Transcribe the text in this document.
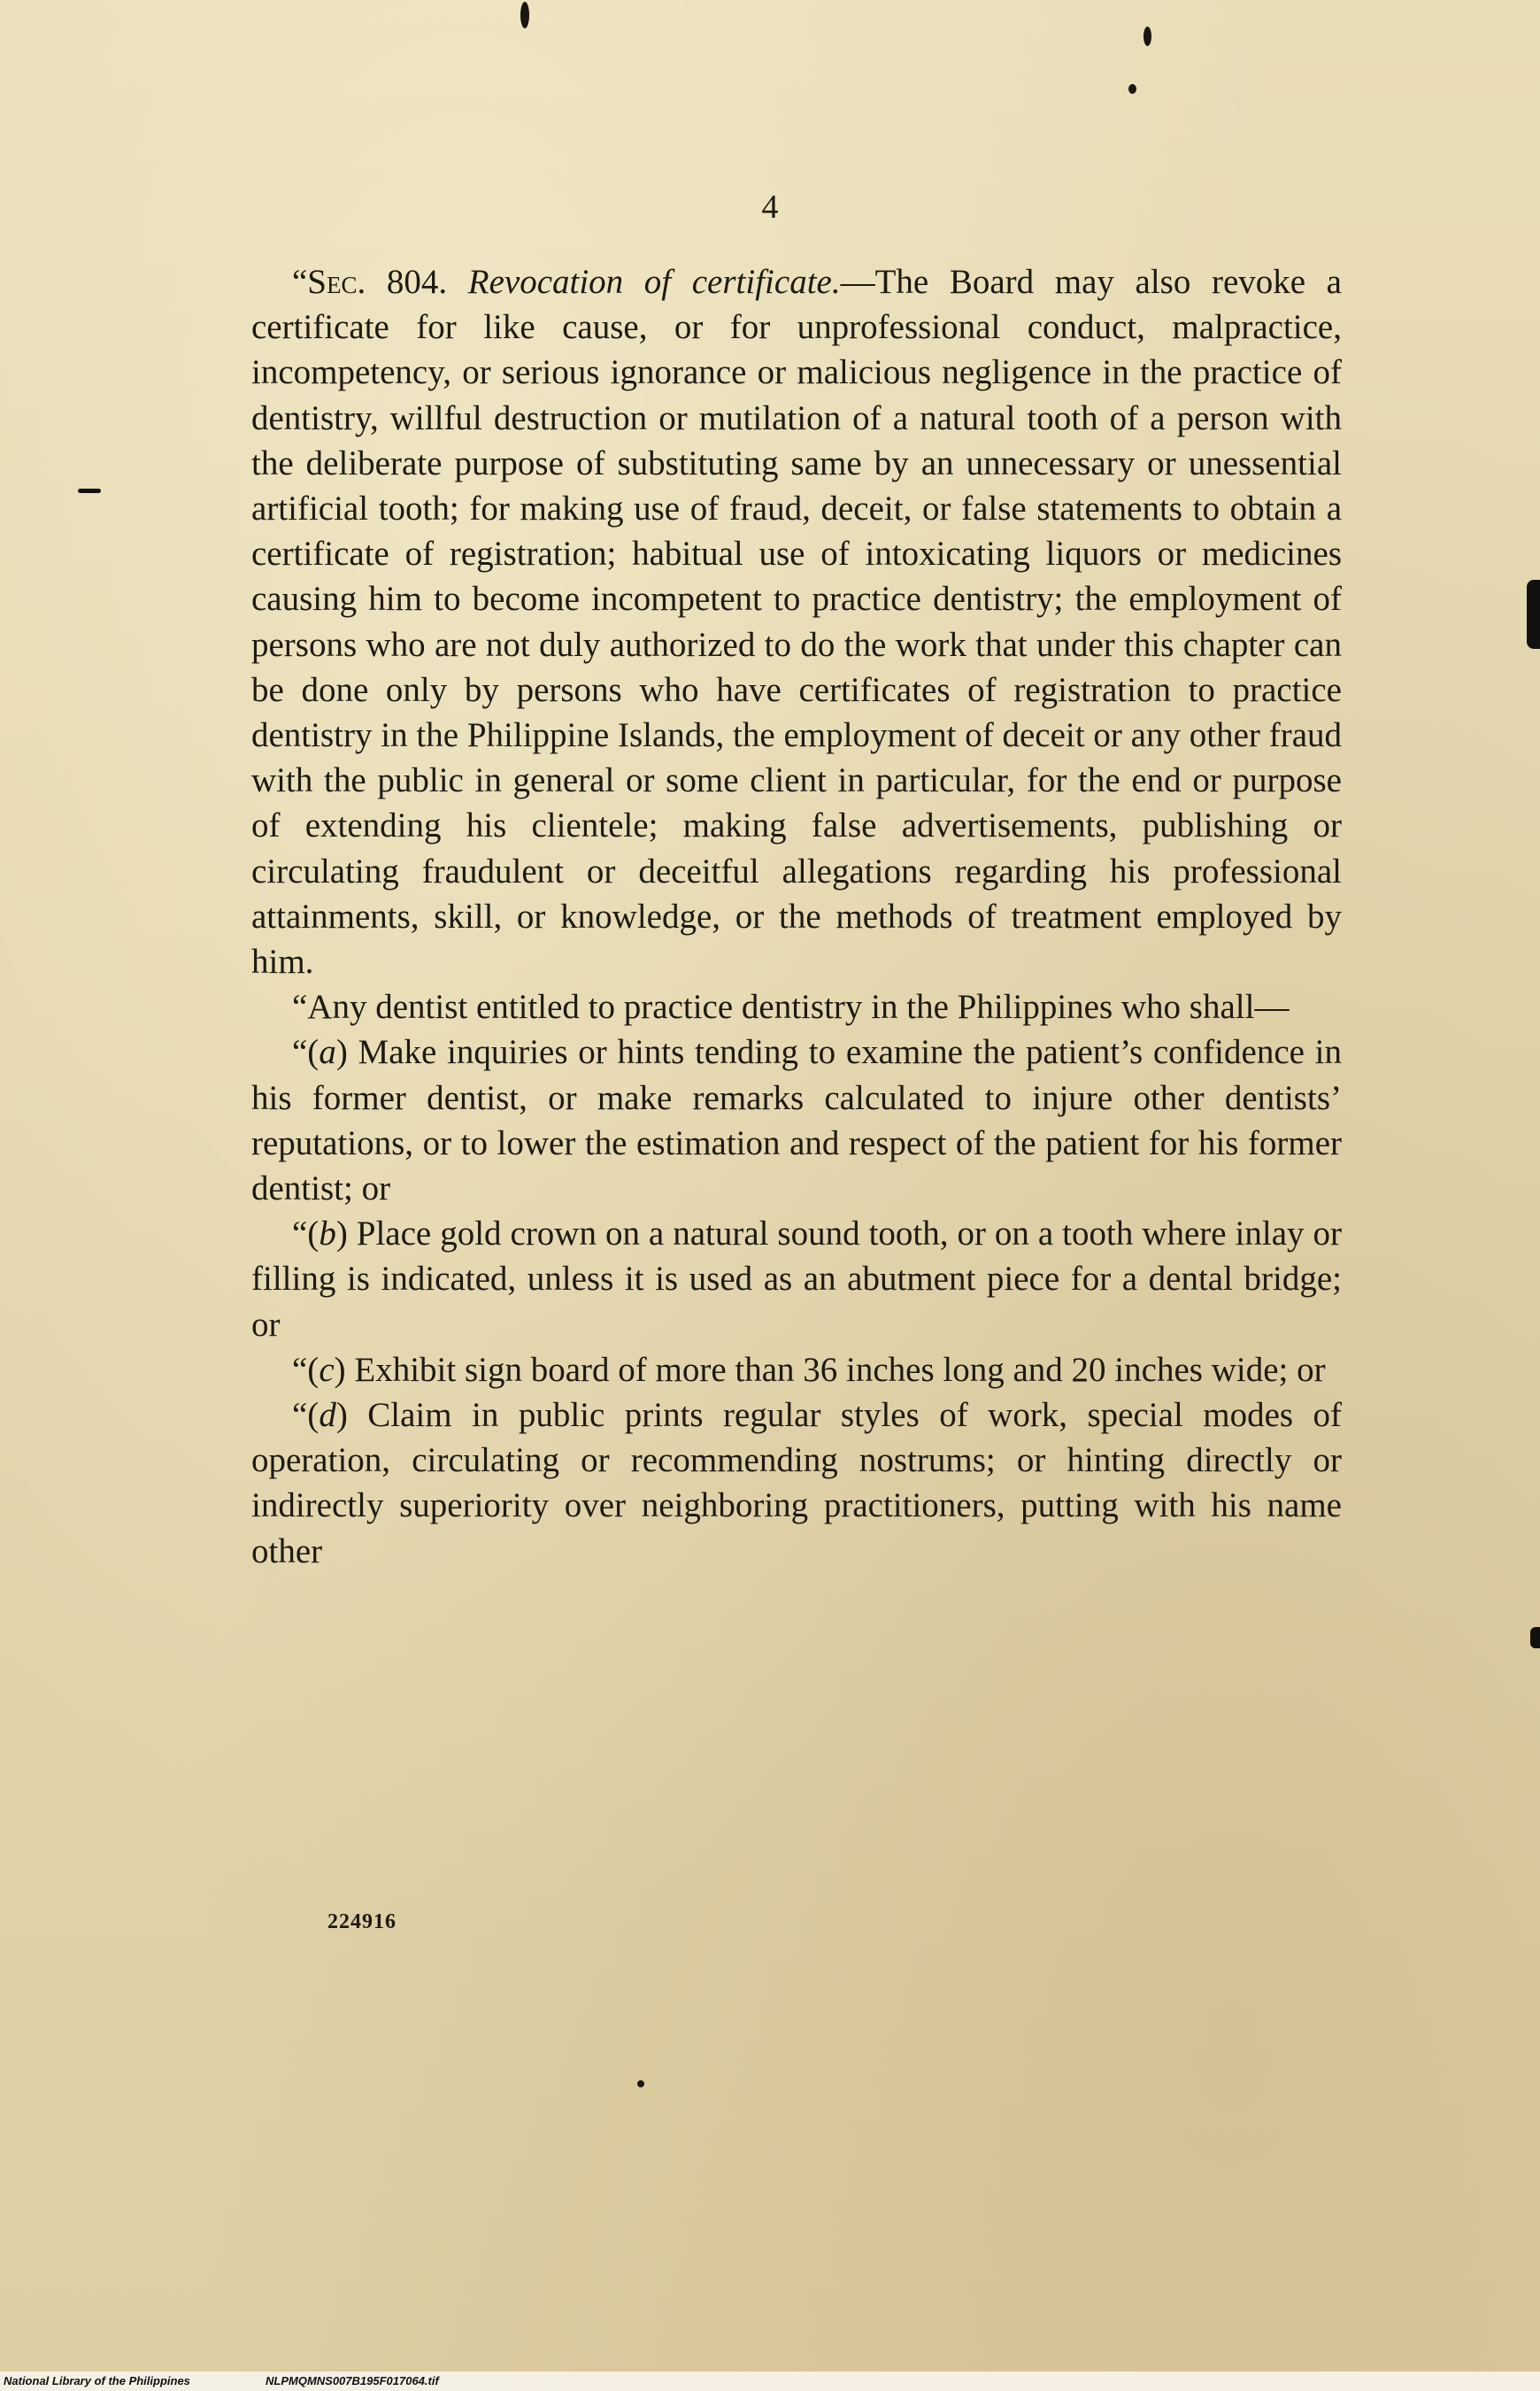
4

“Sec. 804. Revocation of certificate.—The Board may also revoke a certificate for like cause, or for unprofessional conduct, malpractice, incompetency, or serious ignorance or malicious negligence in the practice of dentistry, willful destruction or mutilation of a natural tooth of a person with the deliberate purpose of substituting same by an unnecessary or unessential artificial tooth; for making use of fraud, deceit, or false statements to obtain a certificate of registration; habitual use of intoxicating liquors or medicines causing him to become incompetent to practice dentistry; the employment of persons who are not duly authorized to do the work that under this chapter can be done only by persons who have certificates of registration to practice dentistry in the Philippine Islands, the employment of deceit or any other fraud with the public in general or some client in particular, for the end or purpose of extending his clientele; making false advertisements, publishing or circulating fraudulent or deceitful allegations regarding his professional attainments, skill, or knowledge, or the methods of treatment employed by him.

“Any dentist entitled to practice dentistry in the Philippines who shall—

“(a) Make inquiries or hints tending to examine the patient’s confidence in his former dentist, or make remarks calculated to injure other dentists’ reputations, or to lower the estimation and respect of the patient for his former dentist; or

“(b) Place gold crown on a natural sound tooth, or on a tooth where inlay or filling is indicated, unless it is used as an abutment piece for a dental bridge; or

“(c) Exhibit sign board of more than 36 inches long and 20 inches wide; or

“(d) Claim in public prints regular styles of work, special modes of operation, circulating or recommending nostrums; or hinting directly or indirectly superiority over neighboring practitioners, putting with his name other

224916
National Library of the Philippines	NLPMQMNS007B195F017064.tif
